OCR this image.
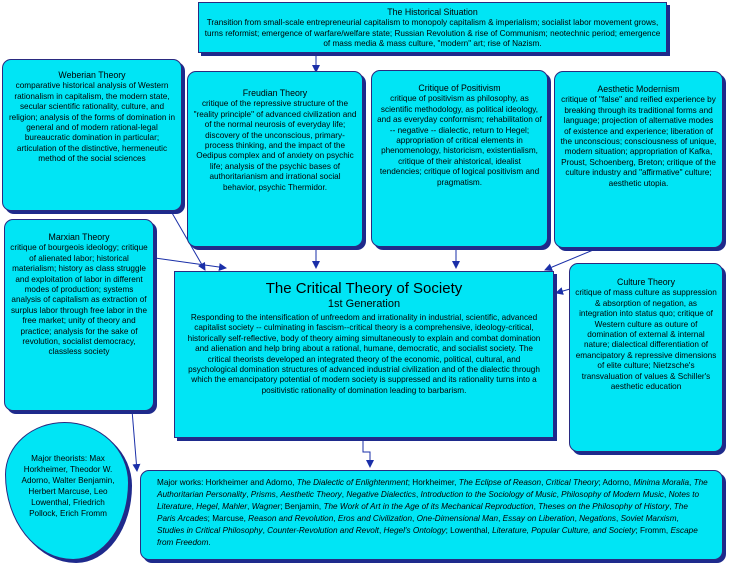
The Historical Situation
Transition from small-scale entrepreneurial capitalism to monopoly capitalism & imperialism; socialist labor movement grows, turns reformist; emergence of warfare/welfare state; Russian Revolution & rise of Communism; neotechnic period; emergence of mass media & mass culture, "modern" art; rise of Nazism.
Weberian Theory
comparative historical analysis of Western rationalism in capitalism, the modern state, secular scientific rationality, culture, and religion; analysis of the forms of domination in general and of modern rational-legal bureaucratic domination in particular; articulation of the distinctive, hermeneutic method of the social sciences
Freudian Theory
critique of the repressive structure of the "reality principle" of advanced civilization and of the normal neurosis of everyday life; discovery of the unconscious, primary-process thinking, and the impact of the Oedipus complex and of anxiety on psychic life; analysis of the psychic bases of authoritarianism and irrational social behavior, psychic Thermidor.
Critique of Positivism
critique of positivism as philosophy, as scientific methodology, as political ideology, and as everyday conformism; rehabilitation of -- negative -- dialectic, return to Hegel; appropriation of critical elements in phenomenology, historicism, existentialism, critique of their ahistorical, idealist tendencies; critique of logical positivism and pragmatism.
Aesthetic Modernism
critique of "false" and reified experience by breaking through its traditional forms and language; projection of alternative modes of existence and experience; liberation of the unconscious; consciousness of unique, modern situation; appropriation of Kafka, Proust, Schoenberg, Breton; critique of the culture industry and "affirmative" culture; aesthetic utopia.
Marxian Theory
critique of bourgeois ideology; critique of alienated labor; historical materialism; history as class struggle and exploitation of labor in different modes of production; systems analysis of capitalism as extraction of surplus labor through free labor in the free market; unity of theory and practice; analysis for the sake of revolution, socialist democracy, classless society
The Critical Theory of Society
1st Generation
Responding to the intensification of unfreedom and irrationality in industrial, scientific, advanced capitalist society -- culminating in fascism--critical theory is a comprehensive, ideology-critical, historically self-reflective, body of theory aiming simultaneously to explain and combat domination and alienation and help bring about a rational, humane, democratic, and socialist society. The critical theorists developed an integrated theory of the economic, political, cultural, and psychological domination structures of advanced industrial civilization and of the dialectic through which the emancipatory potential of modern society is suppressed and its rationality turns into a positivistic rationality of domination leading to barbarism.
Culture Theory
critique of mass culture as suppression & absorption of negation, as integration into status quo; critique of Western culture as outure of domination of external & internal nature; dialectical differentiation of emancipatory & repressive dimensions of elite culture; Nietzsche's transvaluation of values & Schiller's aesthetic education
Major theorists: Max Horkheimer, Theodor W. Adorno, Walter Benjamin, Herbert Marcuse, Leo Lowenthal, Friedrich Pollock, Erich Fromm
Major works: Horkheimer and Adorno, The Dialectic of Enlightenment; Horkheimer, The Eclipse of Reason, Critical Theory; Adorno, Minima Moralia, The Authoritarian Personality, Prisms, Aesthetic Theory, Negative Dialectics, Introduction to the Sociology of Music, Philosophy of Modern Music, Notes to Literature, Hegel, Mahler, Wagner; Benjamin, The Work of Art in the Age of its Mechanical Reproduction, Theses on the Philosophy of History, The Paris Arcades; Marcuse, Reason and Revolution, Eros and Civilization, One-Dimensional Man, Essay on Liberation, Negations, Soviet Marxism, Studies in Critical Philosophy, Counter-Revolution and Revolt, Hegel's Ontology; Lowenthal, Literature, Popular Culture, and Society; Fromm, Escape from Freedom.
